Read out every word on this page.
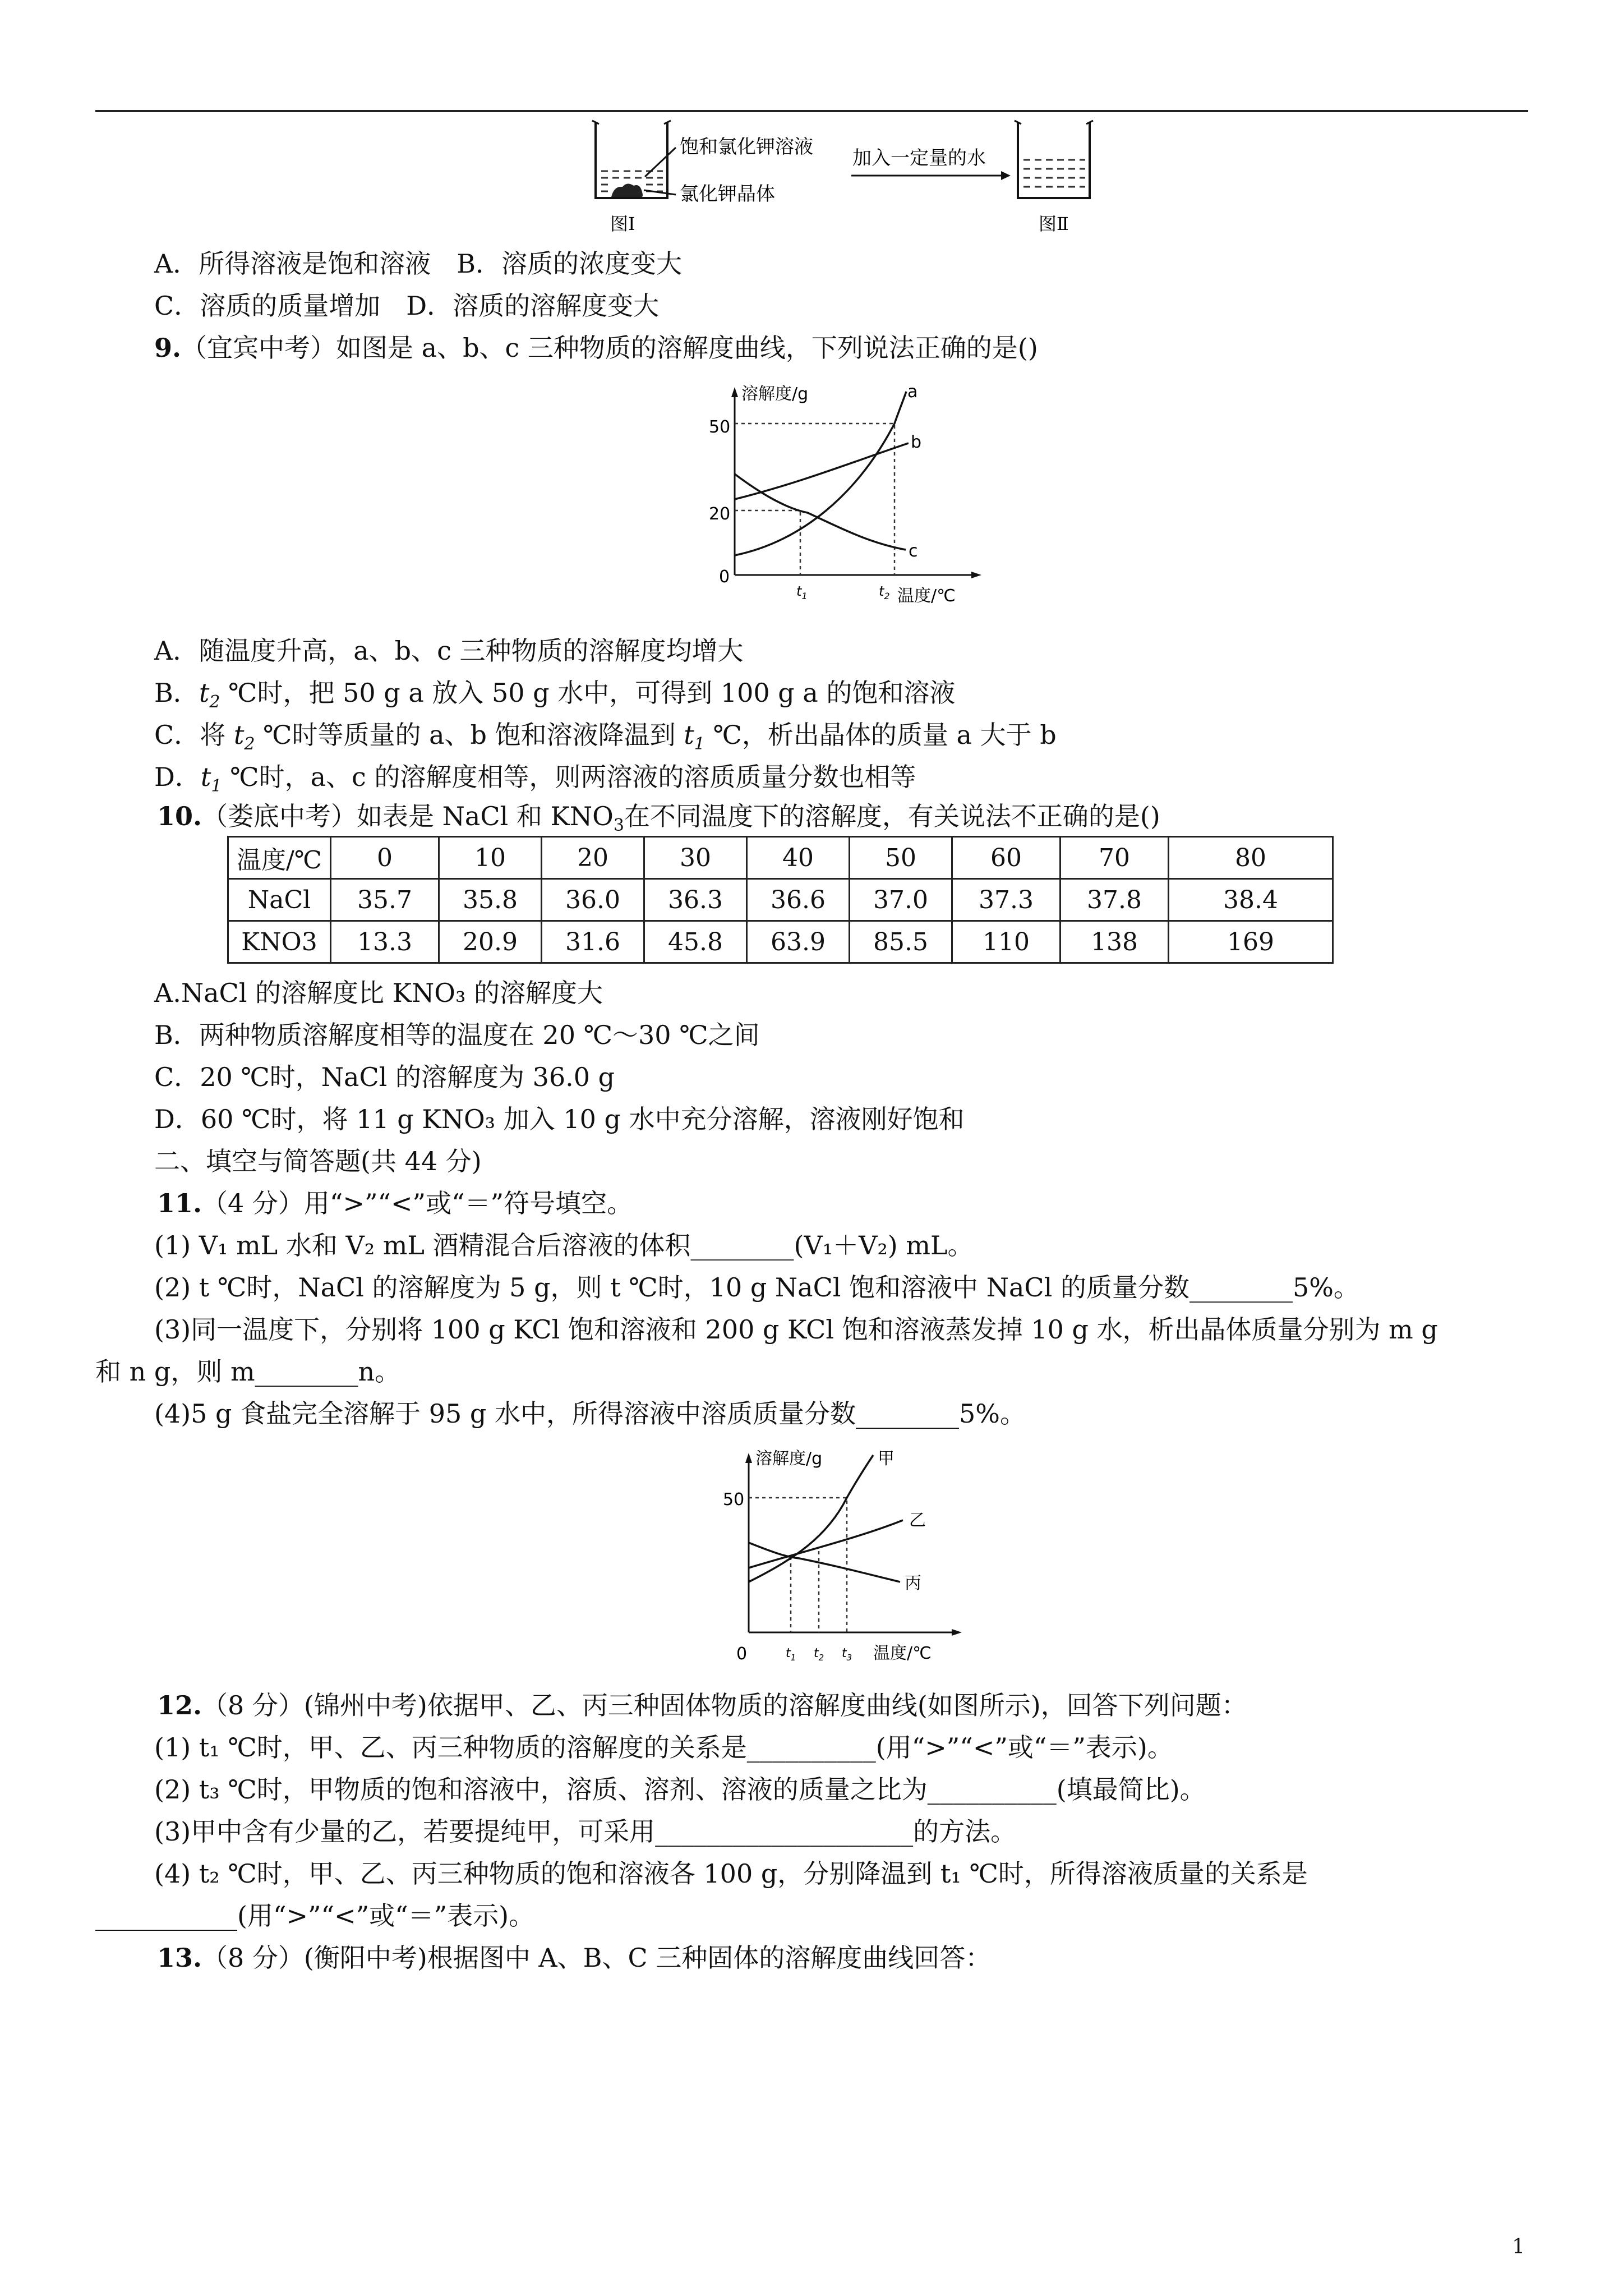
饱和氯化钾溶液
氯化钾晶体
图Ⅰ
加入一定量的水
图Ⅱ
A．所得溶液是饱和溶液　B．溶质的浓度变大
C．溶质的质量增加　D．溶质的溶解度变大
9.（宜宾中考）如图是 a、b、c 三种物质的溶解度曲线，下列说法正确的是()
溶解度/g
温度/℃
0
50
20
$t_1$	$t_2$
a
b
c
A．随温度升高，a、b、c 三种物质的溶解度均增大
B．$t_2$ ℃时，把 50 g a 放入 50 g 水中，可得到 100 g a 的饱和溶液
C．将 $t_2$ ℃时等质量的 a、b 饱和溶液降温到 $t_1$ ℃，析出晶体的质量 a 大于 b
D．$t_1$ ℃时，a、c 的溶解度相等，则两溶液的溶质质量分数也相等
10.（娄底中考）如表是 NaCl 和 $KNO_3$在不同温度下的溶解度，有关说法不正确的是()
温度/℃	0	10	20	30	40	50	60	70	80
NaCl	35.7	35.8	36.0	36.3	36.6	37.0	37.3	37.8	38.4
KNO3	13.3	20.9	31.6	45.8	63.9	85.5	110	138	169
A.NaCl 的溶解度比 KNO₃ 的溶解度大
B．两种物质溶解度相等的温度在 20 ℃～30 ℃之间
C．20 ℃时，NaCl 的溶解度为 36.0 g
D．60 ℃时，将 11 g KNO₃ 加入 10 g 水中充分溶解，溶液刚好饱和
二、填空与简答题(共 44 分)
11.（4 分）用“>”“<”或“＝”符号填空。
(1) V₁ mL 水和 V₂ mL 酒精混合后溶液的体积________(V₁＋V₂) mL。
(2) t ℃时，NaCl 的溶解度为 5 g，则 t ℃时，10 g NaCl 饱和溶液中 NaCl 的质量分数________5%。
(3)同一温度下，分别将 100 g KCl 饱和溶液和 200 g KCl 饱和溶液蒸发掉 10 g 水，析出晶体质量分别为 m g
和 n g，则 m________n。
(4)5 g 食盐完全溶解于 95 g 水中，所得溶液中溶质质量分数________5%。
溶解度/g
温度/℃
0
50
$t_1$ $t_2$ $t_3$
甲
乙
丙
12.（8 分）(锦州中考)依据甲、乙、丙三种固体物质的溶解度曲线(如图所示)，回答下列问题：
(1) t₁ ℃时，甲、乙、丙三种物质的溶解度的关系是__________(用“>”“<”或“＝”表示)。
(2) t₃ ℃时，甲物质的饱和溶液中，溶质、溶剂、溶液的质量之比为__________(填最简比)。
(3)甲中含有少量的乙，若要提纯甲，可采用____________________的方法。
(4) t₂ ℃时，甲、乙、丙三种物质的饱和溶液各 100 g，分别降温到 t₁ ℃时，所得溶液质量的关系是
___________(用“>”“<”或“＝”表示)。
13.（8 分）(衡阳中考)根据图中 A、B、C 三种固体的溶解度曲线回答：
1
